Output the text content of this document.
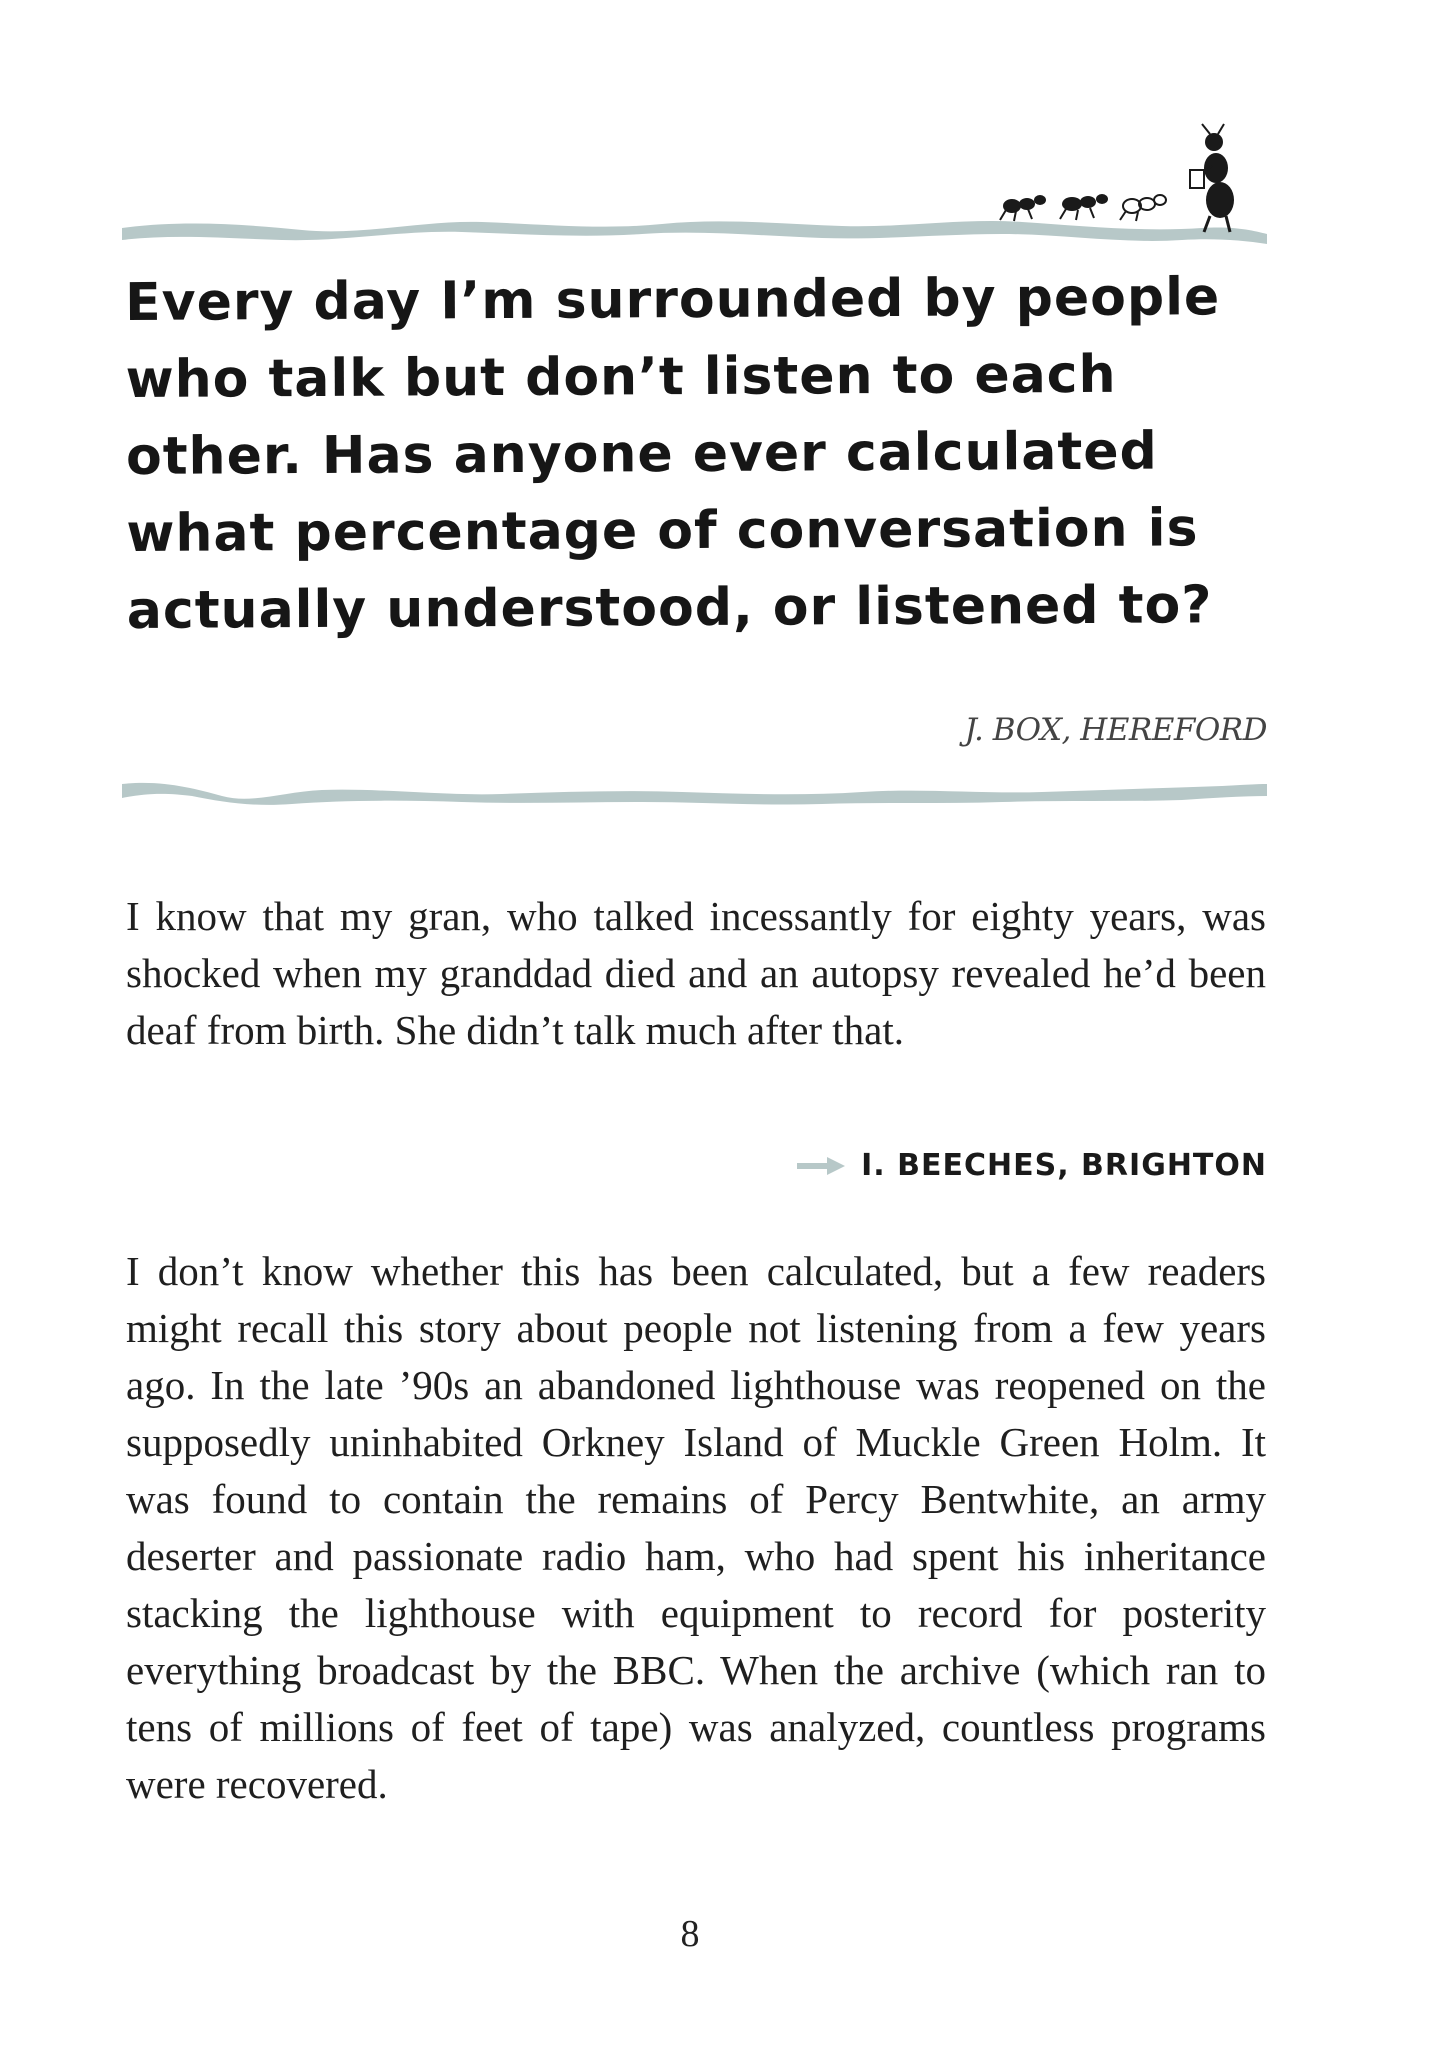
Every day I’m surrounded by people who talk but don’t listen to each other. Has anyone ever calculated what percentage of conversation is actually understood, or listened to?

J. BOX, HEREFORD

I know that my gran, who talked incessantly for eighty years, was shocked when my granddad died and an autopsy revealed he’d been deaf from birth. She didn’t talk much after that.

I. BEECHES, BRIGHTON

I don’t know whether this has been calculated, but a few readers might recall this story about people not listening from a few years ago. In the late ’90s an abandoned lighthouse was reopened on the supposedly uninhabited Orkney Island of Muckle Green Holm. It was found to contain the remains of Percy Bentwhite, an army deserter and passionate radio ham, who had spent his inheritance stacking the lighthouse with equipment to record for posterity everything broadcast by the BBC. When the archive (which ran to tens of millions of feet of tape) was analyzed, countless programs were recovered.

8
